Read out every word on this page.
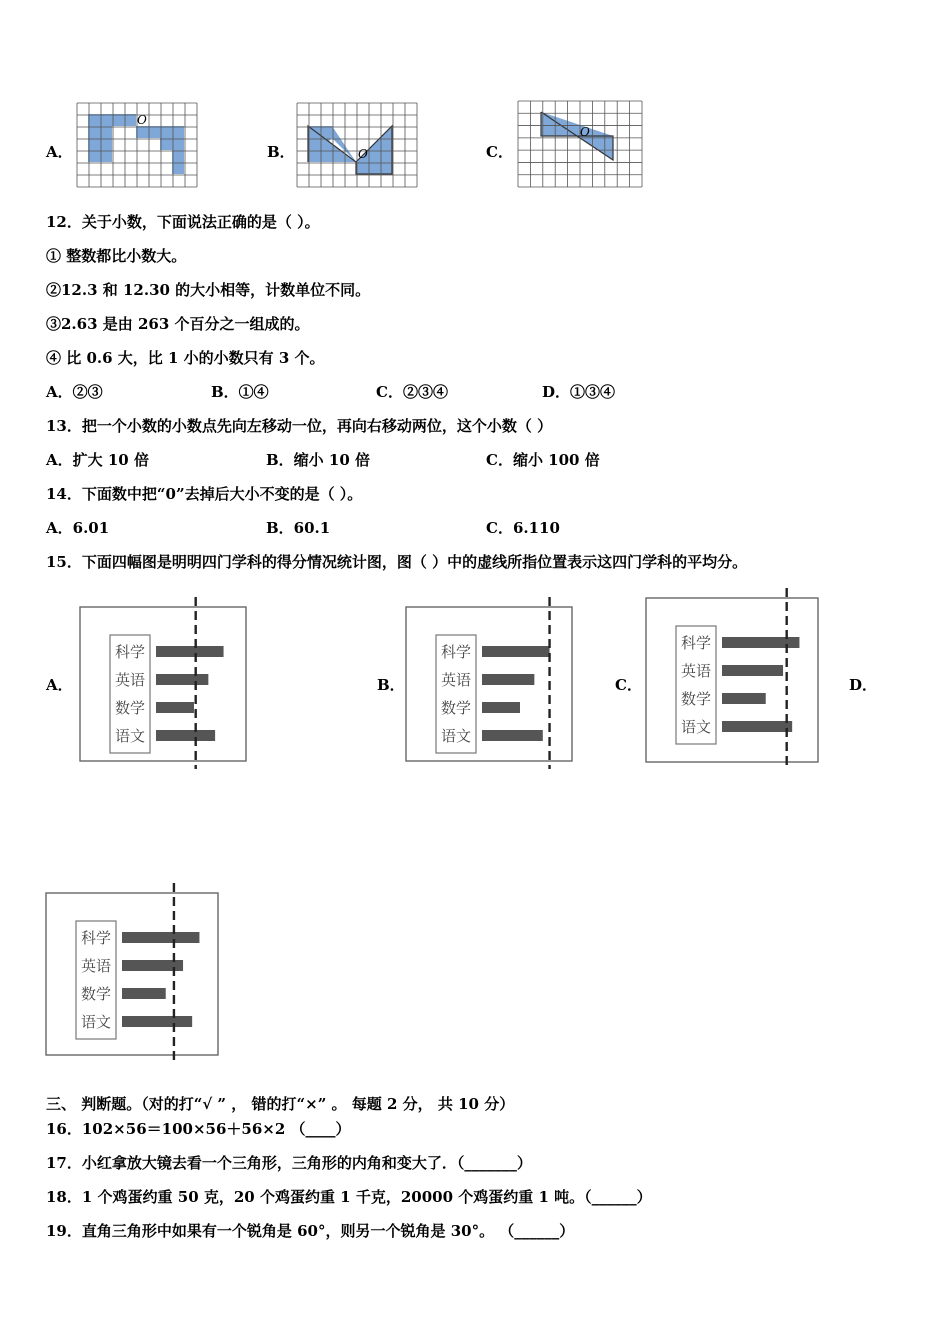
A．
O
B．	O	C．
O
12．关于小数，下面说法正确的是（ ）。
① 整数都比小数大。
②12.3 和 12.30 的大小相等，计数单位不同。
③2.63 是由 263 个百分之一组成的。
④ 比 0.6 大，比 1 小的小数只有 3 个。
A．②③	B．①④	C．②③④	D．①③④
13．把一个小数的小数点先向左移动一位，再向右移动两位，这个小数（ ）
A．扩大 10 倍	B．缩小 10 倍	C．缩小 100 倍
14．下面数中把“0”去掉后大小不变的是（ ）。
A．6.01	B．60.1	C．6.110
15．下面四幅图是明明四门学科的得分情况统计图，图（ ）中的虚线所指位置表示这四门学科的平均分。
A．
科学
英语
数学
语文
B．
科学
英语
数学
语文
C．
科学
英语
数学
语文
D．
科学
英语
数学
语文
三、 判断题。（对的打“√ ” ， 错的打“×” 。 每题 2 分， 共 10 分）
16．102×56＝100×56＋56×2 （____）
17．小红拿放大镜去看一个三角形，三角形的内角和变大了．（_______）
18．1 个鸡蛋约重 50 克，20 个鸡蛋约重 1 千克，20000 个鸡蛋约重 1 吨。（______）
19．直角三角形中如果有一个锐角是 60°，则另一个锐角是 30°。 （______）
